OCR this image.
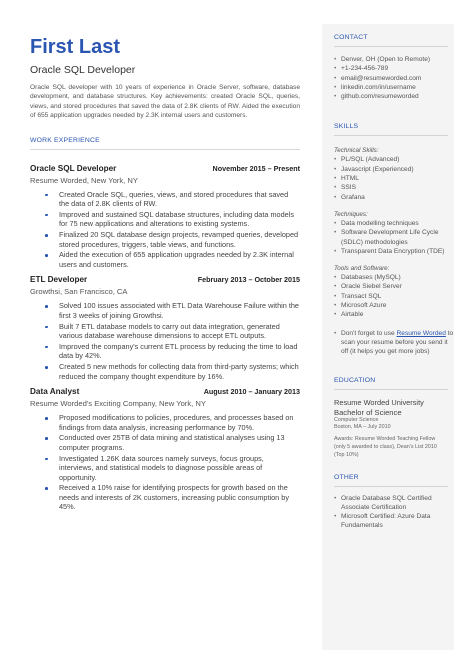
First Last
Oracle SQL Developer
Oracle SQL developer with 10 years of experience in Oracle Server, software, database development, and database structures. Key achievements: created Oracle SQL, queries, views, and stored procedures that saved the data of 2.8K clients of RW. Aided the execution of 655 application upgrades needed by 2.3K internal users and customers.
WORK EXPERIENCE
Oracle SQL Developer	November 2015 – Present
Resume Worded, New York, NY
Created Oracle SQL, queries, views, and stored procedures that saved the data of 2.8K clients of RW.
Improved and sustained SQL database structures, including data models for 75 new applications and alterations to existing systems.
Finalized 20 SQL database design projects, revamped queries, developed stored procedures, triggers, table views, and functions.
Aided the execution of 655 application upgrades needed by 2.3K internal users and customers.
ETL Developer	February 2013 – October 2015
Growthsi, San Francisco, CA
Solved 100 issues associated with ETL Data Warehouse Failure within the first 3 weeks of joining Growthsi.
Built 7 ETL database models to carry out data integration, generated various database warehouse dimensions to accept ETL outputs.
Improved the company's current ETL process by reducing the time to load data by 42%.
Created 5 new methods for collecting data from third-party systems; which reduced the company thought expenditure by 16%.
Data Analyst	August 2010 – January 2013
Resume Worded's Exciting Company, New York, NY
Proposed modifications to policies, procedures, and processes based on findings from data analysis, increasing performance by 70%.
Conducted over 25TB of data mining and statistical analyses using 13 computer programs.
Investigated 1.26K data sources namely surveys, focus groups, interviews, and statistical models to diagnose possible areas of opportunity.
Received a 10% raise for identifying prospects for growth based on the needs and interests of 2K customers, increasing public consumption by 45%.
CONTACT
• Denver, OH (Open to Remote)
• +1-234-456-789
• email@resumeworded.com
• linkedin.com/in/username
• github.com/resumeworded
SKILLS
Technical Skills:
• PL/SQL (Advanced)
• Javascript (Experienced)
• HTML
• SSIS
• Grafana
Techniques:
• Data modelling techniques
• Software Development Life Cycle (SDLC) methodologies
• Transparent Data Encryption (TDE)
Tools and Software:
• Databases (MySQL)
• Oracle Siebel Server
• Transact SQL
• Microsoft Azure
• Airtable
• Don't forget to use Resume Worded to scan your resume before you send it off (it helps you get more jobs)
EDUCATION
Resume Worded University
Bachelor of Science
Computer Science
Boston, MA – July 2010
Awards: Resume Worded Teaching Fellow (only 5 awarded to class), Dean's List 2010 (Top 10%)
OTHER
• Oracle Database SQL Certified Associate Certification
• Microsoft Certified: Azure Data Fundamentals
